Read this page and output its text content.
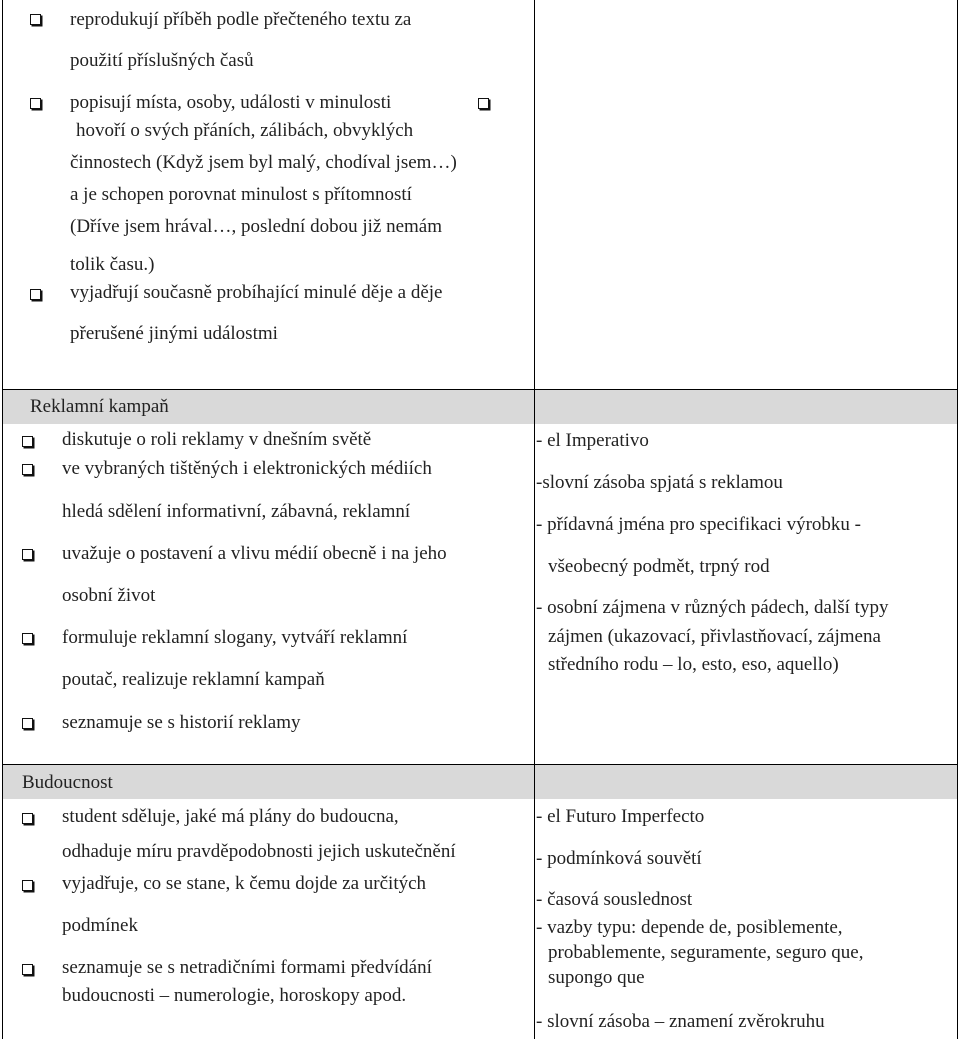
reprodukují příběh podle přečteného textu za
použití příslušných časů
popisují místa, osoby, události v minulosti
hovoří o svých přáních, zálibách, obvyklých
činnostech (Když jsem byl malý, chodíval jsem…)
a je schopen porovnat minulost s přítomností
(Dříve jsem hrával…, poslední dobou již nemám
tolik času.)
vyjadřují současně probíhající minulé děje a děje
přerušené jinými událostmi
Reklamní kampaň
diskutuje o roli reklamy v dnešním světě
ve vybraných tištěných i elektronických médiích
hledá sdělení informativní, zábavná, reklamní
uvažuje o postavení a vlivu médií obecně i na jeho
osobní život
formuluje reklamní slogany, vytváří reklamní
poutač, realizuje reklamní kampaň
seznamuje se s historií reklamy
- el Imperativo
-slovní zásoba spjatá s reklamou
- přídavná jména pro specifikaci výrobku -
všeobecný podmět, trpný rod
- osobní zájmena v různých pádech, další typy
zájmen (ukazovací, přivlastňovací, zájmena
středního rodu – lo, esto, eso, aquello)
Budoucnost
student sděluje, jaké má plány do budoucna,
odhaduje míru pravděpodobnosti jejich uskutečnění
vyjadřuje, co se stane, k čemu dojde za určitých
podmínek
seznamuje se s netradičními formami předvídání
budoucnosti – numerologie, horoskopy apod.
- el Futuro Imperfecto
- podmínková souvětí
- časová souslednost
- vazby typu: depende de, posiblemente,
probablemente, seguramente, seguro que,
supongo que
- slovní zásoba – znamení zvěrokruhu
